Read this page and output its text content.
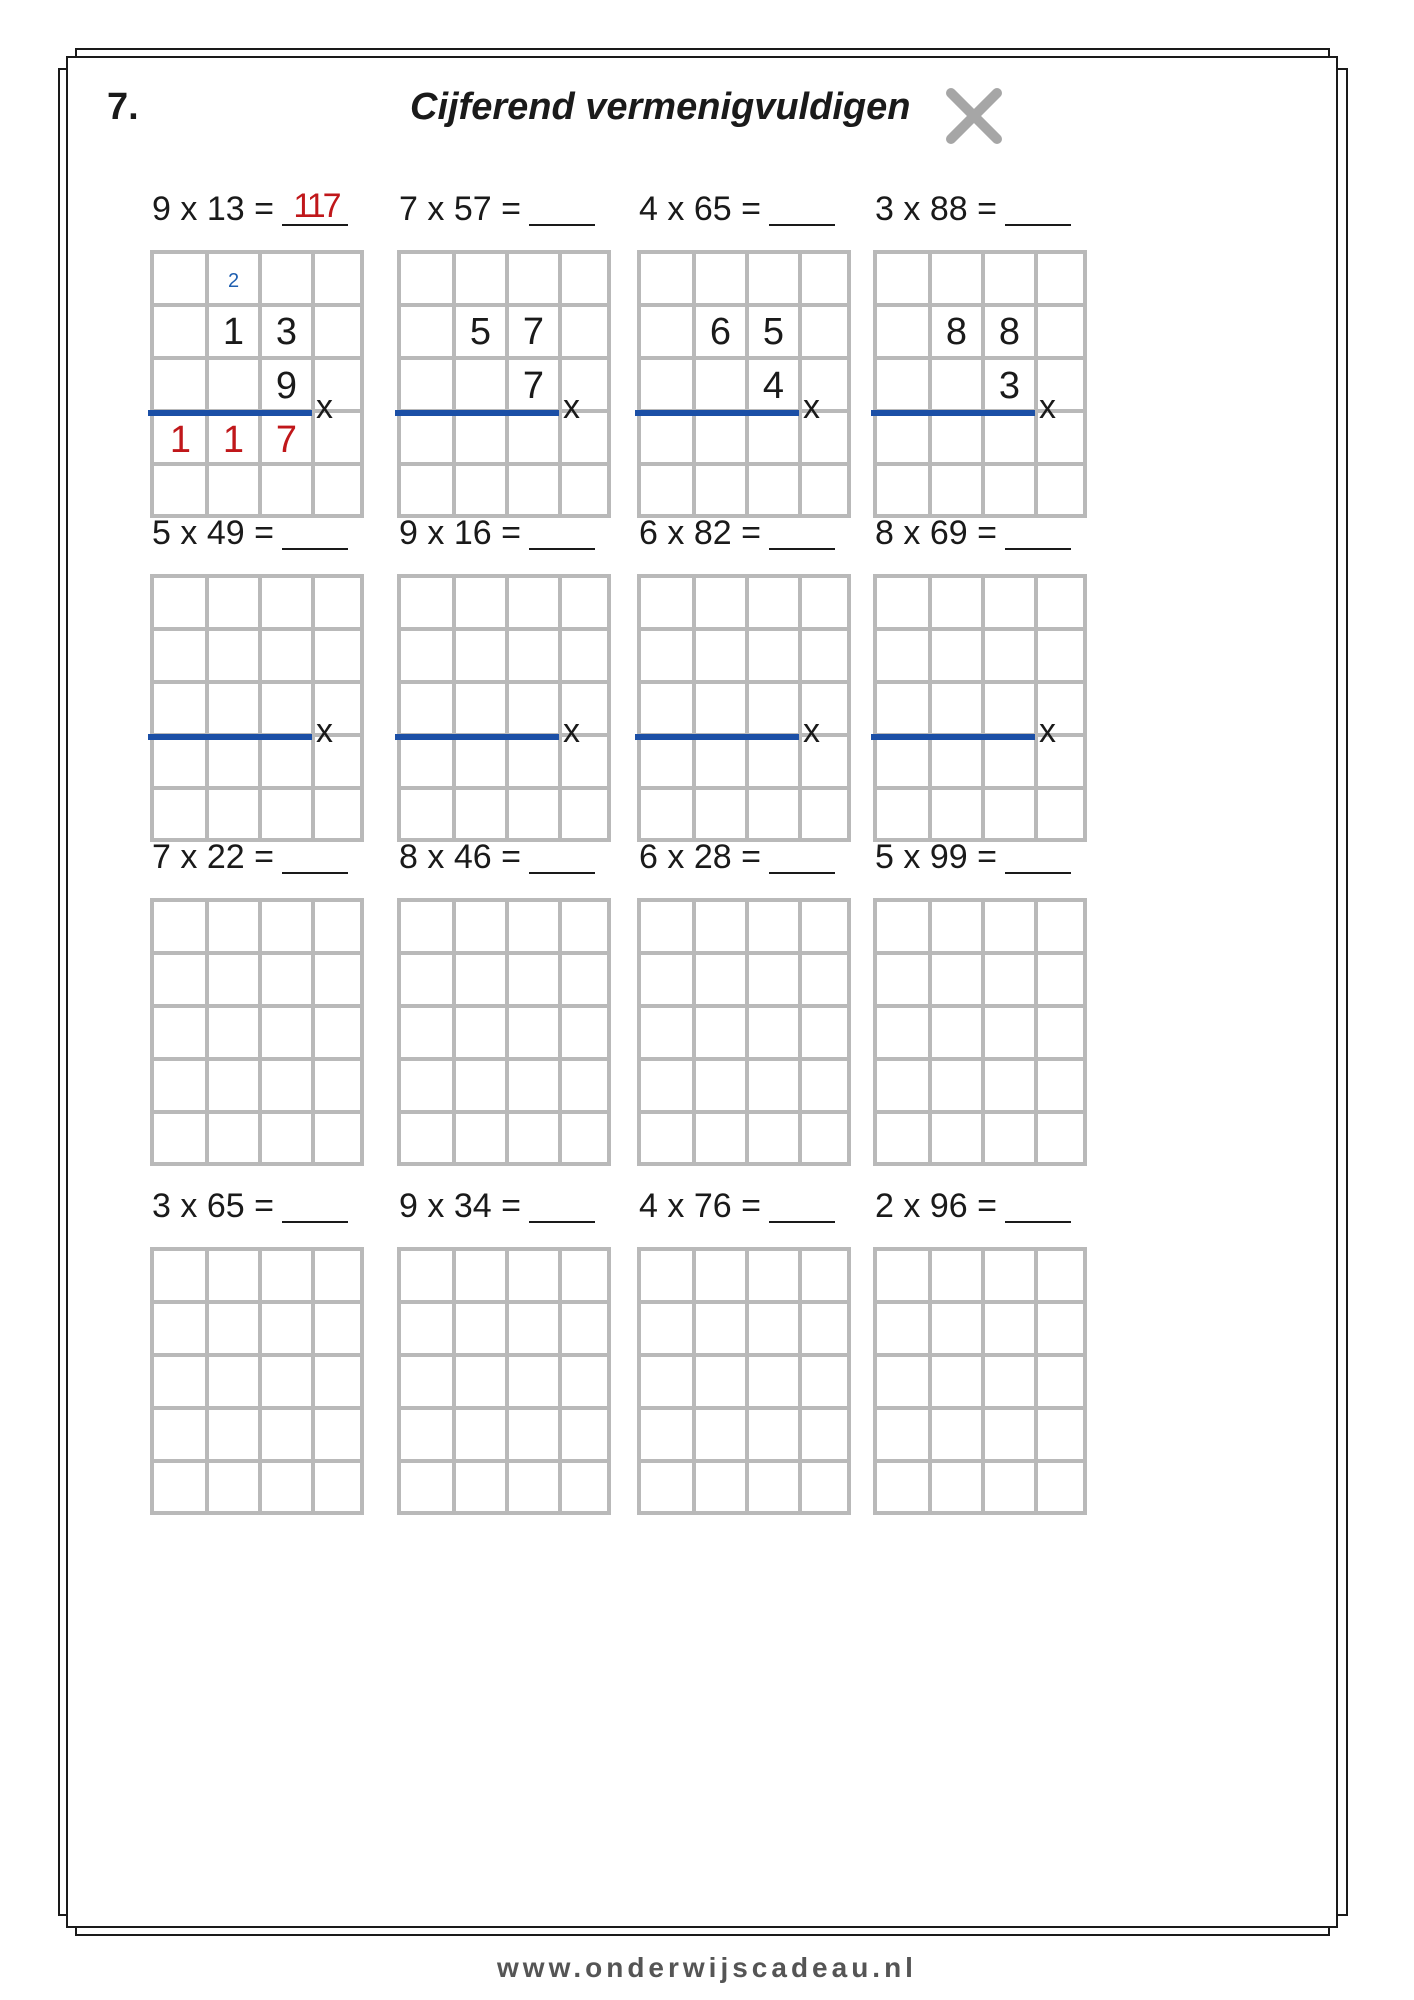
7.	Cijferend vermenigvuldigen
9 x 13 = 117
2
1 3
9
1 1 7
x
7 x 57 =
5 7
7 x
4 x 65 =
6 5
4 x
3 x 88 =
8 8
3 x
5 x 49 =
x
9 x 16 =
x
6 x 82 =
x
8 x 69 =
x
7 x 22 =	8 x 46 =	6 x 28 =	5 x 99 =
3 x 65 =	9 x 34 =	4 x 76 =	2 x 96 =
www.onderwijscadeau.nl
